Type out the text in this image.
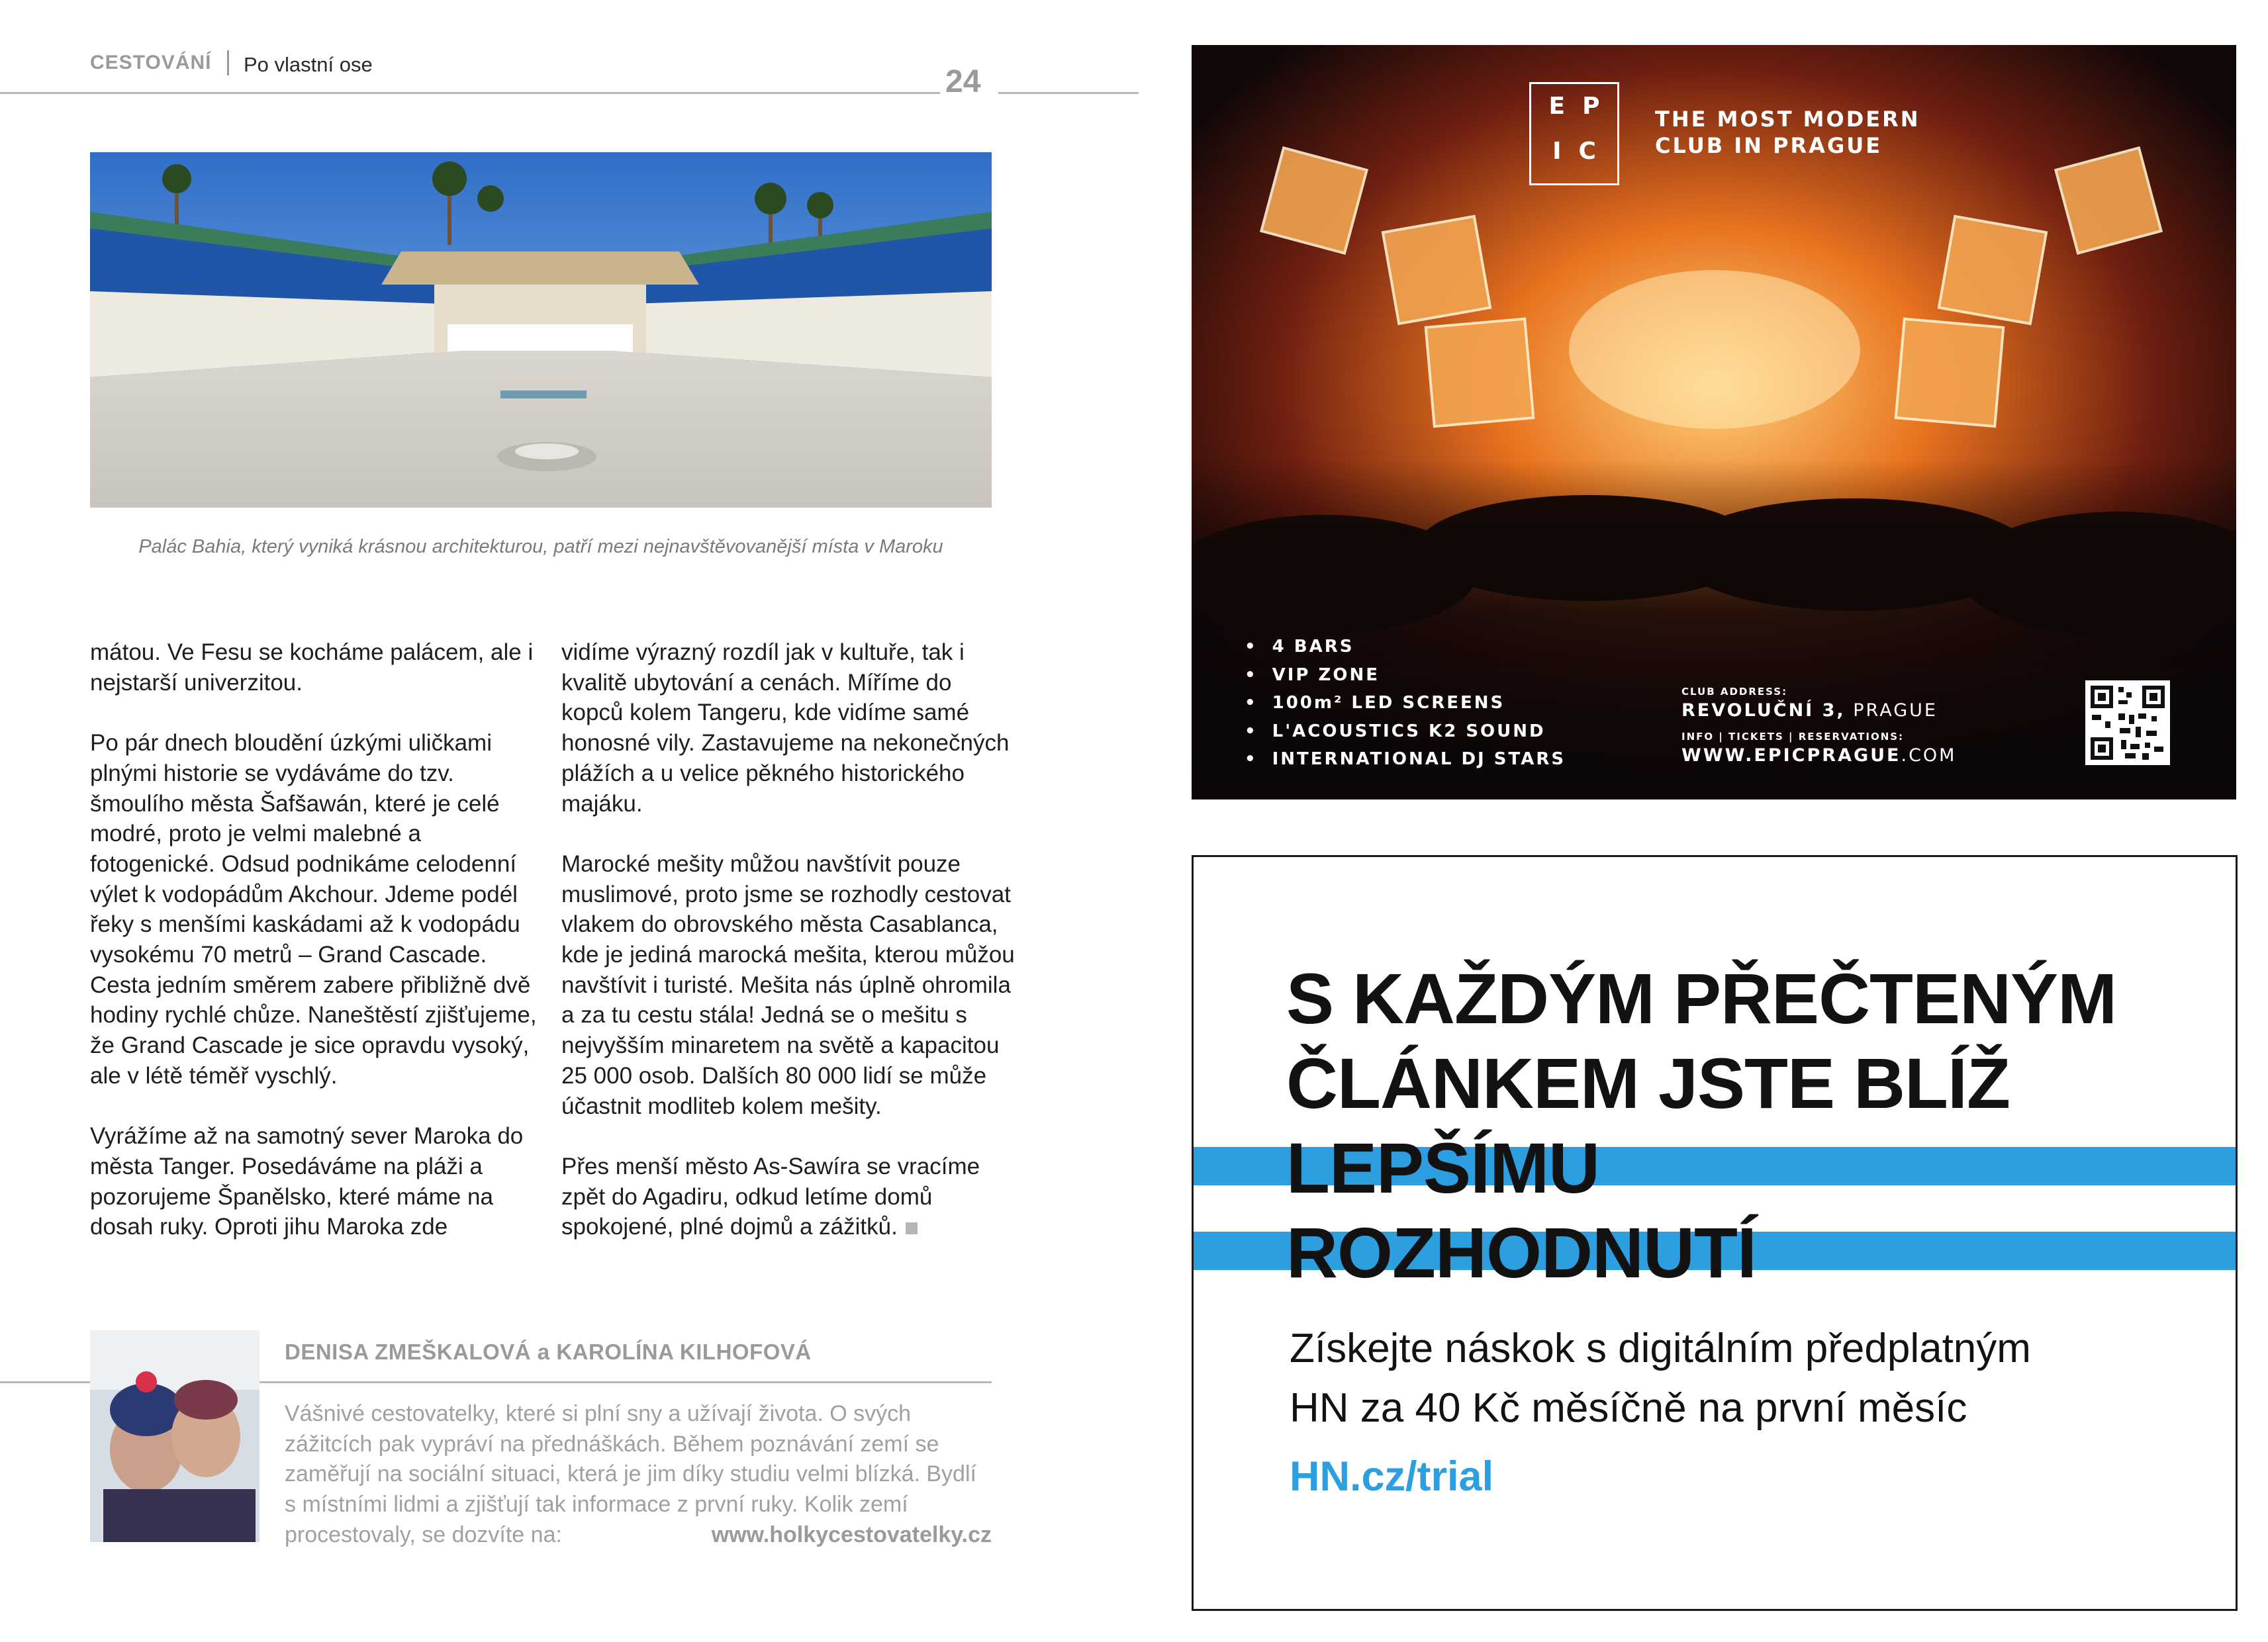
CESTOVÁNÍ Po vlastní ose	24
Palác Bahia, který vyniká krásnou architekturou, patří mezi nejnavštěvovanější místa v Maroku

mátou. Ve Fesu se kocháme palácem, ale i nejstarší univerzitou.

Po pár dnech bloudění úzkými uličkami plnými historie se vydáváme do tzv. šmoulího města Šafšawán, které je celé modré, proto je velmi malebné a fotogenické. Odsud podnikáme celodenní výlet k vodopádům Akchour. Jdeme podél řeky s menšími kaskádami až k vodopádu vysokému 70 metrů – Grand Cascade. Cesta jedním směrem zabere přibližně dvě hodiny rychlé chůze. Naneštěstí zjišťujeme, že Grand Cascade je sice opravdu vysoký, ale v létě téměř vyschlý.

Vyrážíme až na samotný sever Maroka do města Tanger. Posedáváme na pláži a pozorujeme Španělsko, které máme na dosah ruky. Oproti jihu Maroka zde

vidíme výrazný rozdíl jak v kultuře, tak i kvalitě ubytování a cenách. Míříme do kopců kolem Tangeru, kde vidíme samé honosné vily. Zastavujeme na nekonečných plážích a u velice pěkného historického majáku.

Marocké mešity můžou navštívit pouze muslimové, proto jsme se rozhodly cestovat vlakem do obrovského města Casablanca, kde je jediná marocká mešita, kterou můžou navštívit i turisté. Mešita nás úplně ohromila a za tu cestu stála! Jedná se o mešitu s nejvyšším minaretem na světě a kapacitou 25 000 osob. Dalších 80 000 lidí se může účastnit modliteb kolem mešity.

Přes menší město As-Sawíra se vracíme zpět do Agadiru, odkud letíme domů spokojené, plné dojmů a zážitků.

DENISA ZMEŠKALOVÁ a KAROLÍNA KILHOFOVÁ
Vášnivé cestovatelky, které si plní sny a užívají života. O svých zážitcích pak vypráví na přednáškách. Během poznávání zemí se zaměřují na sociální situaci, která je jim díky studiu velmi blízká. Bydlí s místními lidmi a zjišťují tak informace z první ruky. Kolik zemí procestovaly, se dozvíte na:	www.holkycestovatelky.cz
EP
IC
THE MOST MODERN
CLUB IN PRAGUE
• 4 BARS
• VIP ZONE
• 100m² LED SCREENS
• L'ACOUSTICS K2 SOUND
• INTERNATIONAL DJ STARS
CLUB ADDRESS:
REVOLUČNÍ 3, PRAGUE
INFO | TICKETS | RESERVATIONS:
WWW.EPICPRAGUE.COM
S KAŽDÝM PŘEČTENÝM
ČLÁNKEM JSTE BLÍŽ
LEPŠÍMU
ROZHODNUTÍ
Získejte náskok s digitálním předplatným
HN za 40 Kč měsíčně na první měsíc
HN.cz/trial
